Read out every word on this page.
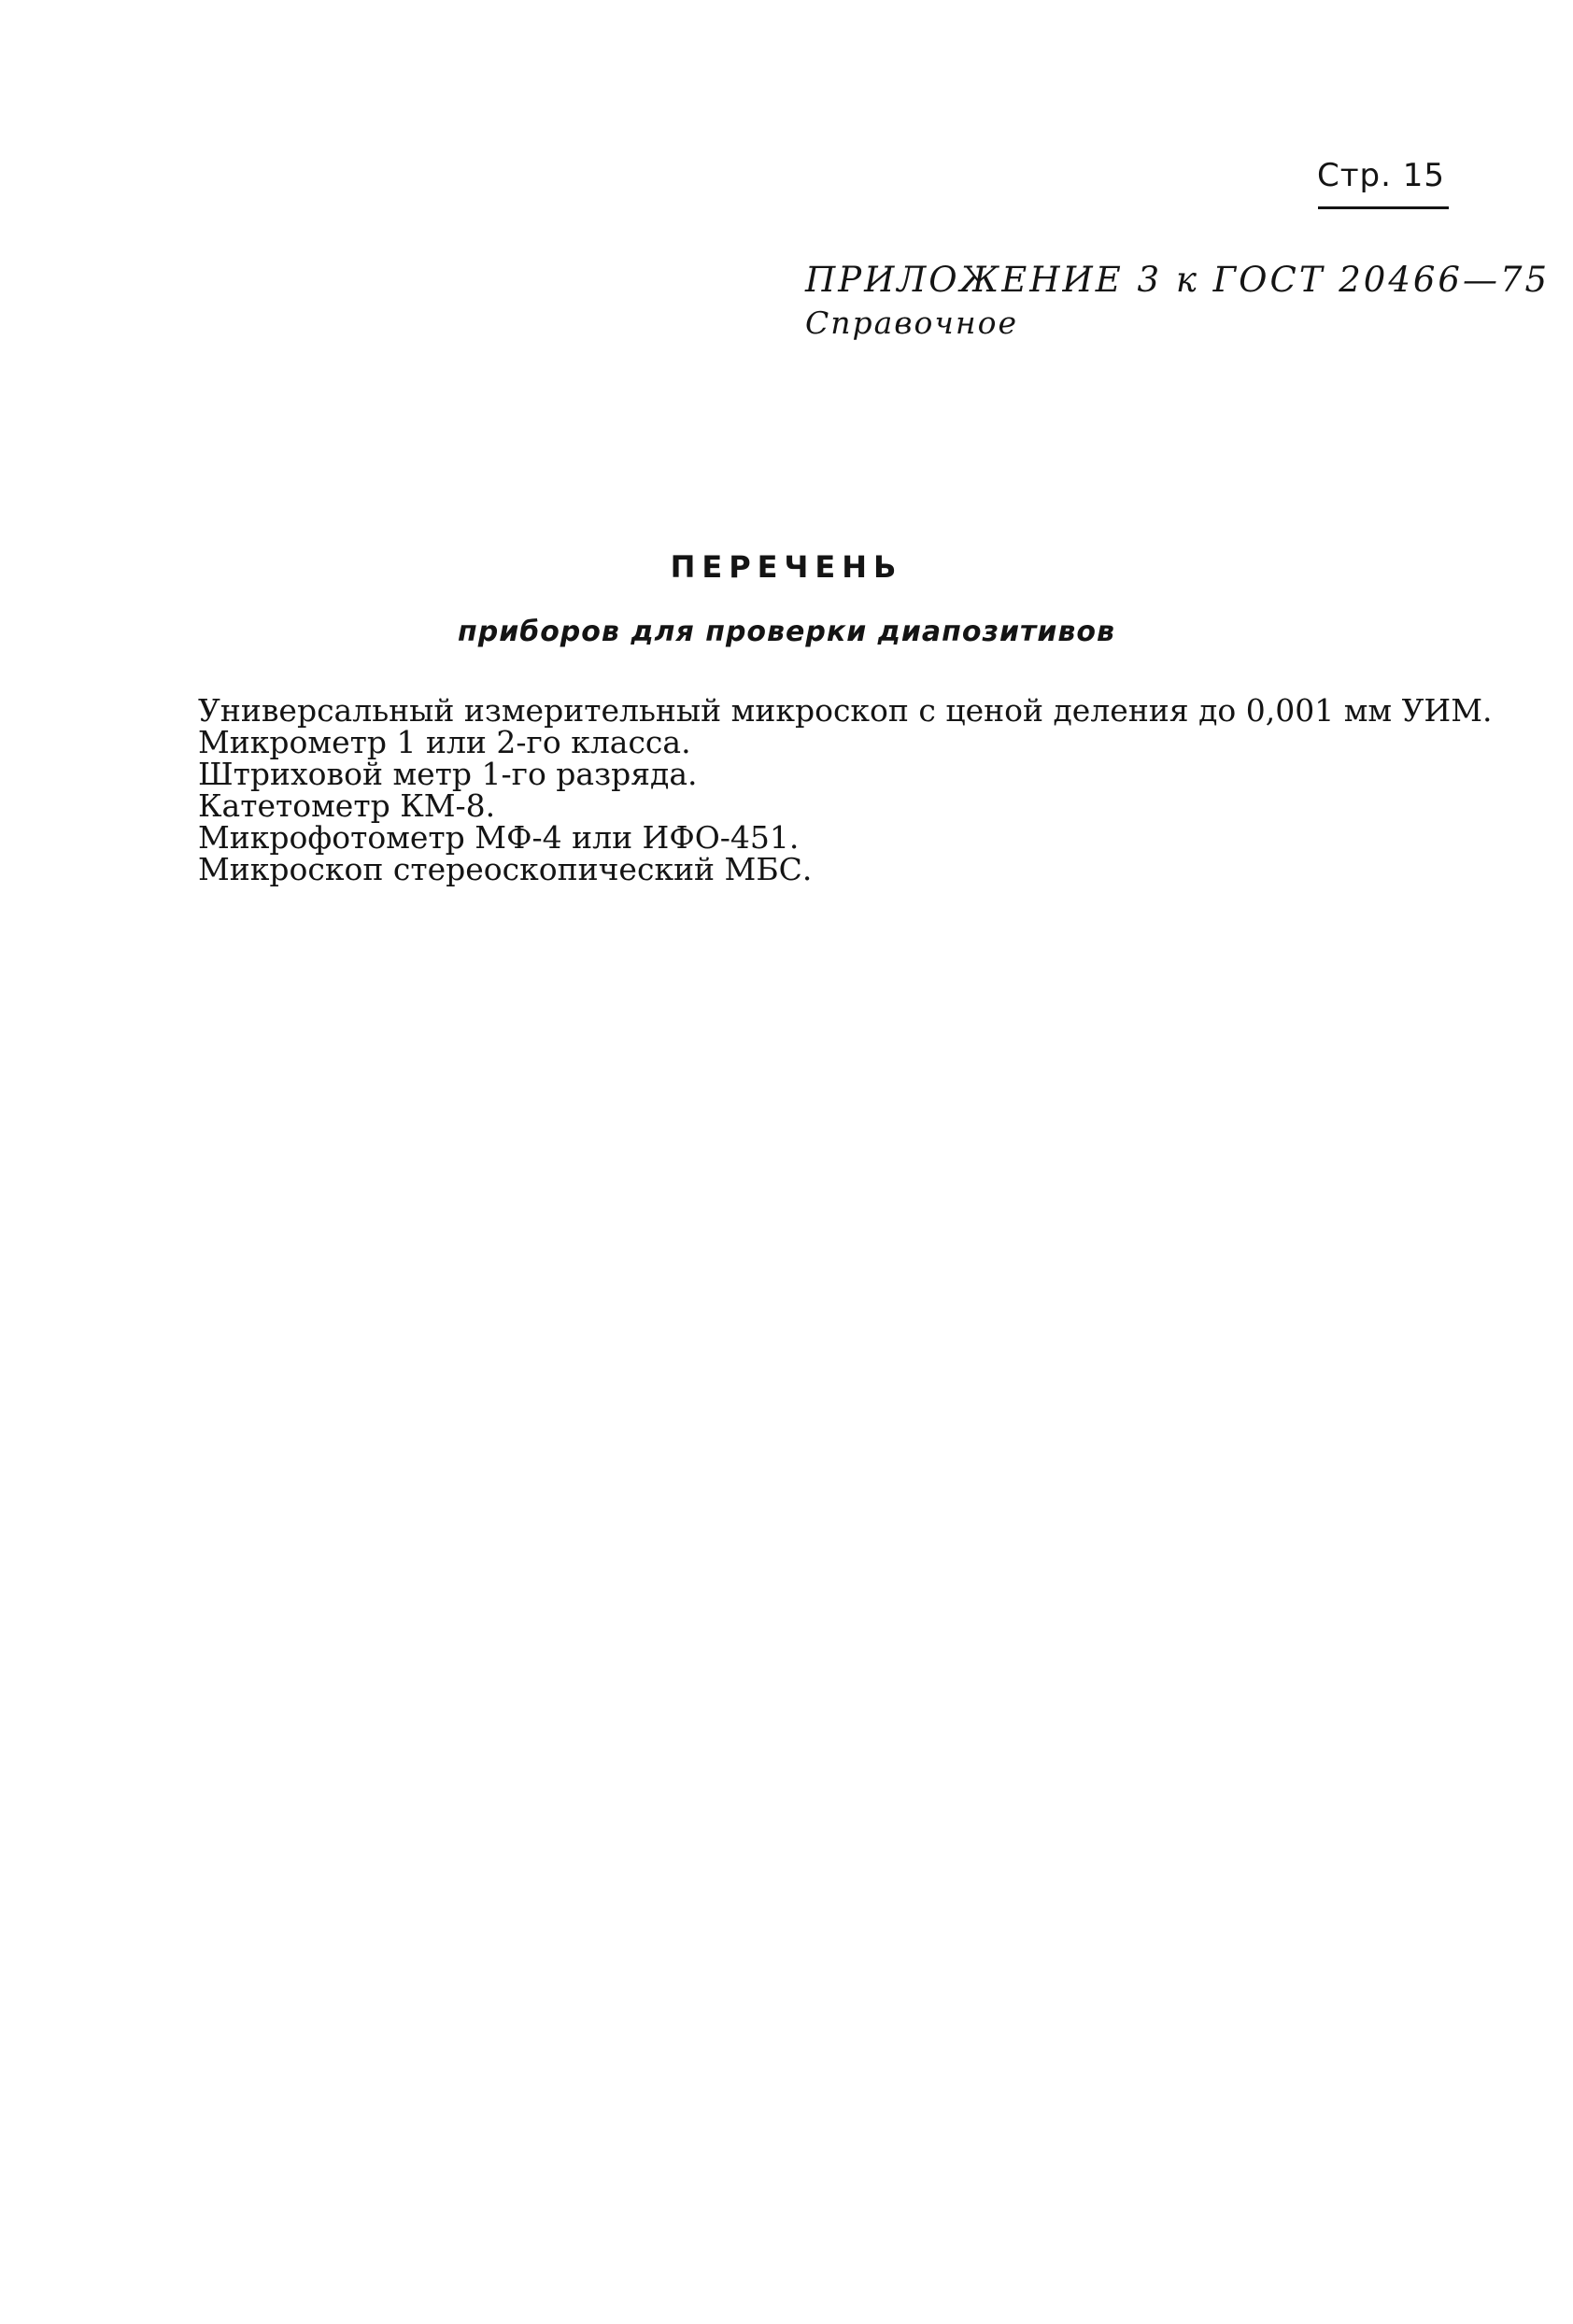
Стр. 15
ПРИЛОЖЕНИЕ 3 к ГОСТ 20466—75
Справочное
ПЕРЕЧЕНЬ
приборов для проверки диапозитивов
Универсальный измерительный микроскоп с ценой деления до 0,001 мм УИМ.
Микрометр 1 или 2-го класса.
Штриховой метр 1-го разряда.
Катетометр КМ-8.
Микрофотометр МФ-4 или ИФО-451.
Микроскоп стереоскопический МБС.
